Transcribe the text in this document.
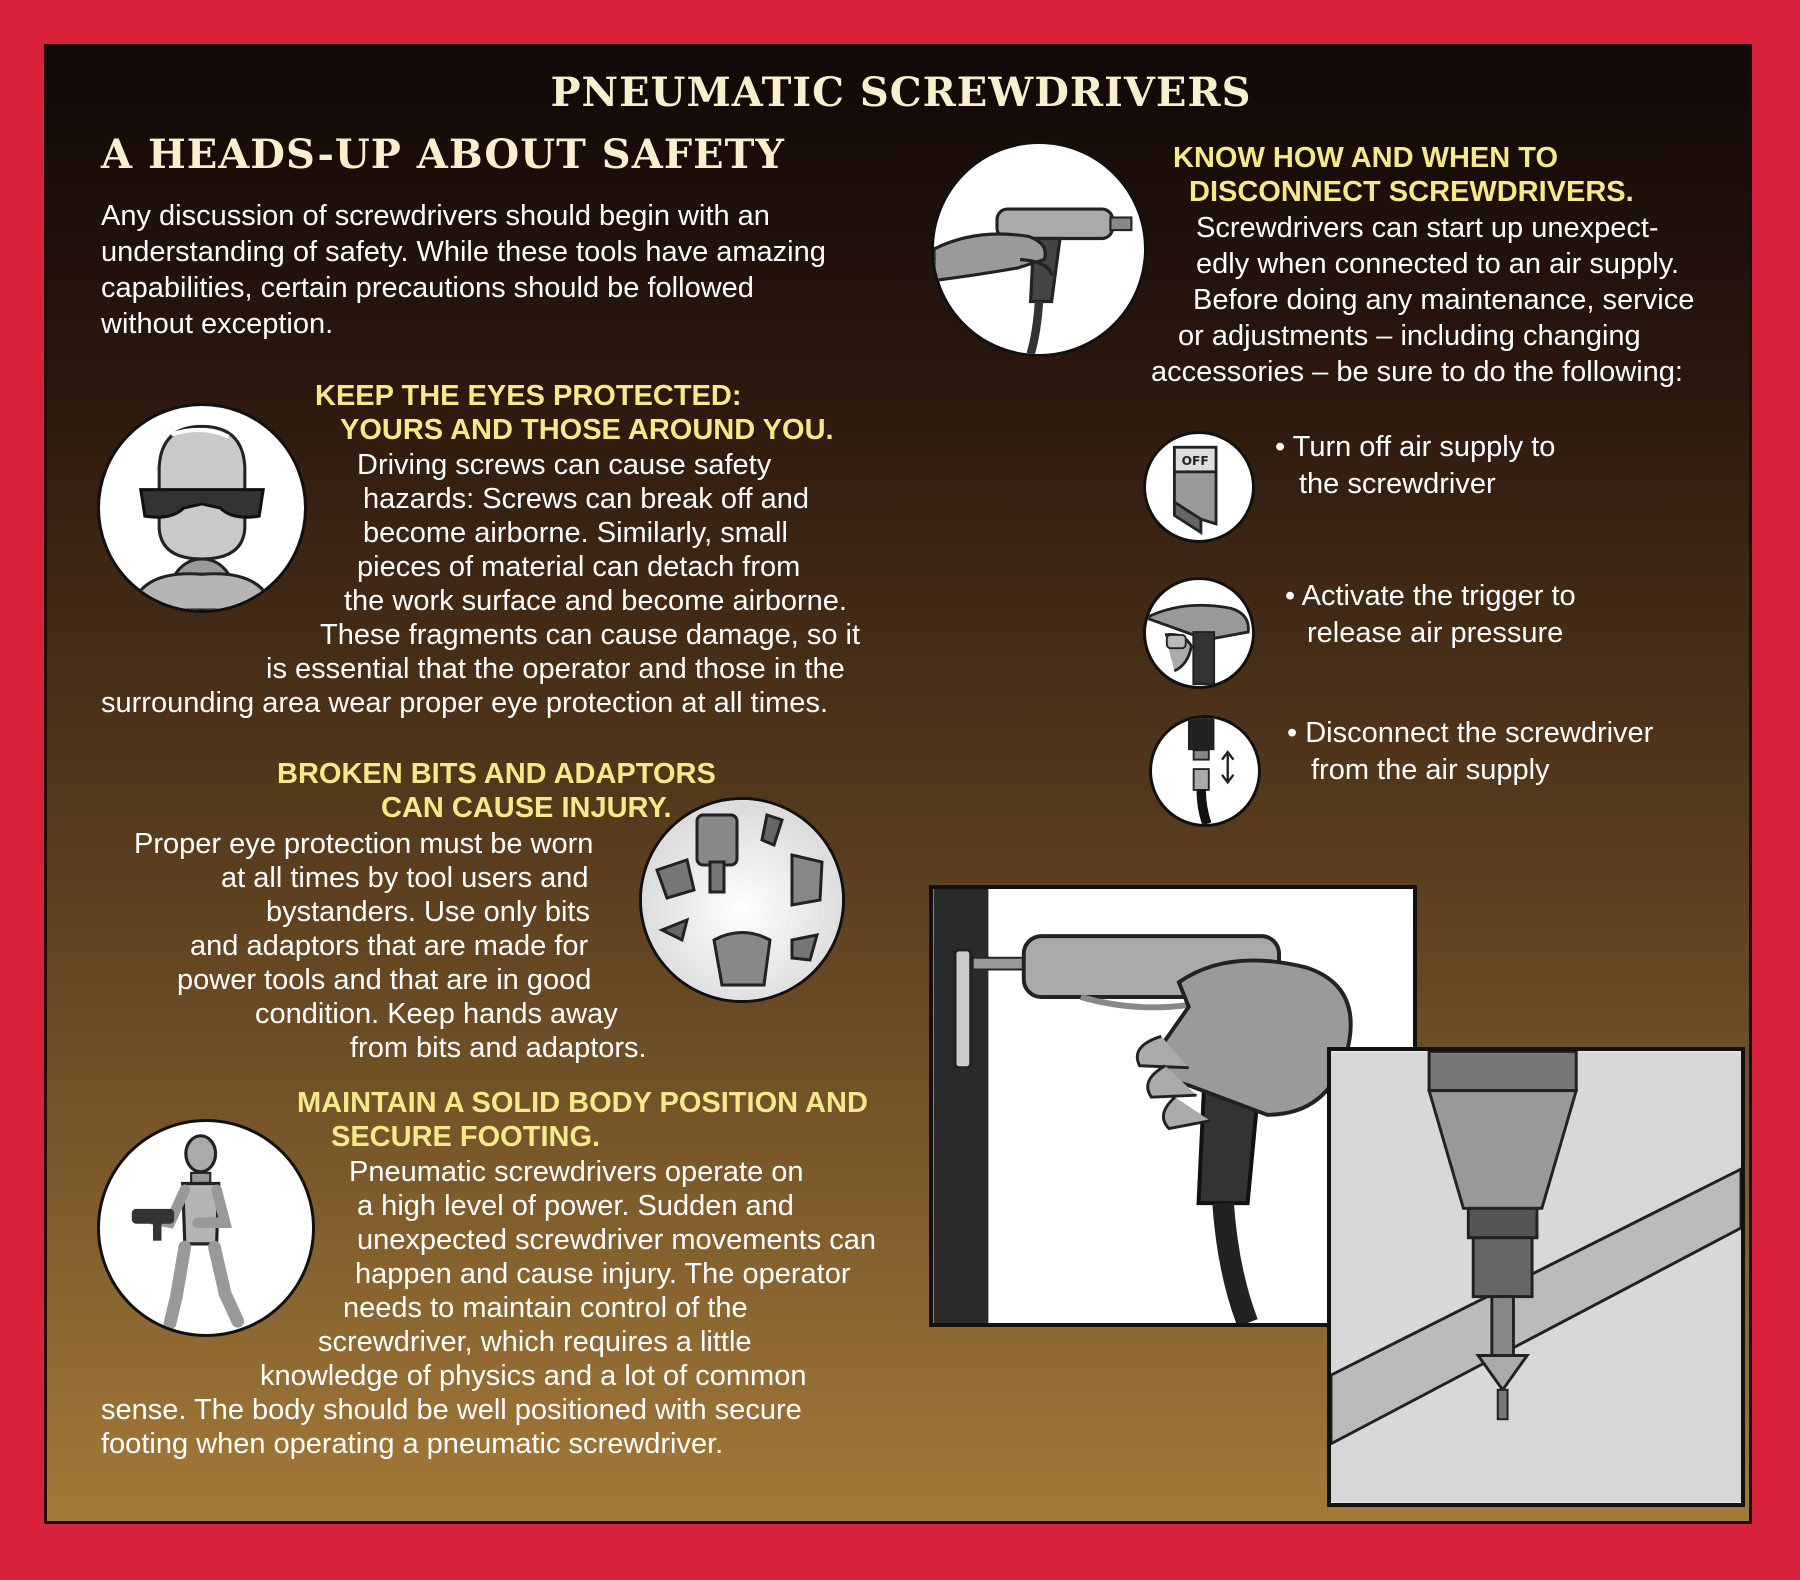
PNEUMATIC SCREWDRIVERS
A HEADS-UP ABOUT SAFETY
Any discussion of screwdrivers should begin with an
understanding of safety. While these tools have amazing
capabilities, certain precautions should be followed
without exception.
KEEP THE EYES PROTECTED:
YOURS AND THOSE AROUND YOU.
Driving screws can cause safety
hazards: Screws can break off and
become airborne. Similarly, small
pieces of material can detach from
the work surface and become airborne.
These fragments can cause damage, so it
is essential that the operator and those in the
surrounding area wear proper eye protection at all times.
BROKEN BITS AND ADAPTORS
CAN CAUSE INJURY.
Proper eye protection must be worn
at all times by tool users and
bystanders. Use only bits
and adaptors that are made for
power tools and that are in good
condition. Keep hands away
from bits and adaptors.
MAINTAIN A SOLID BODY POSITION AND
SECURE FOOTING.
Pneumatic screwdrivers operate on
a high level of power. Sudden and
unexpected screwdriver movements can
happen and cause injury. The operator
needs to maintain control of the
screwdriver, which requires a little
knowledge of physics and a lot of common
sense. The body should be well positioned with secure
footing when operating a pneumatic screwdriver.
KNOW HOW AND WHEN TO
DISCONNECT SCREWDRIVERS.
Screwdrivers can start up unexpect-
edly when connected to an air supply.
Before doing any maintenance, service
or adjustments – including changing
accessories – be sure to do the following:
OFF • Turn off air supply to
the screwdriver
• Activate the trigger to
release air pressure
• Disconnect the screwdriver
from the air supply
